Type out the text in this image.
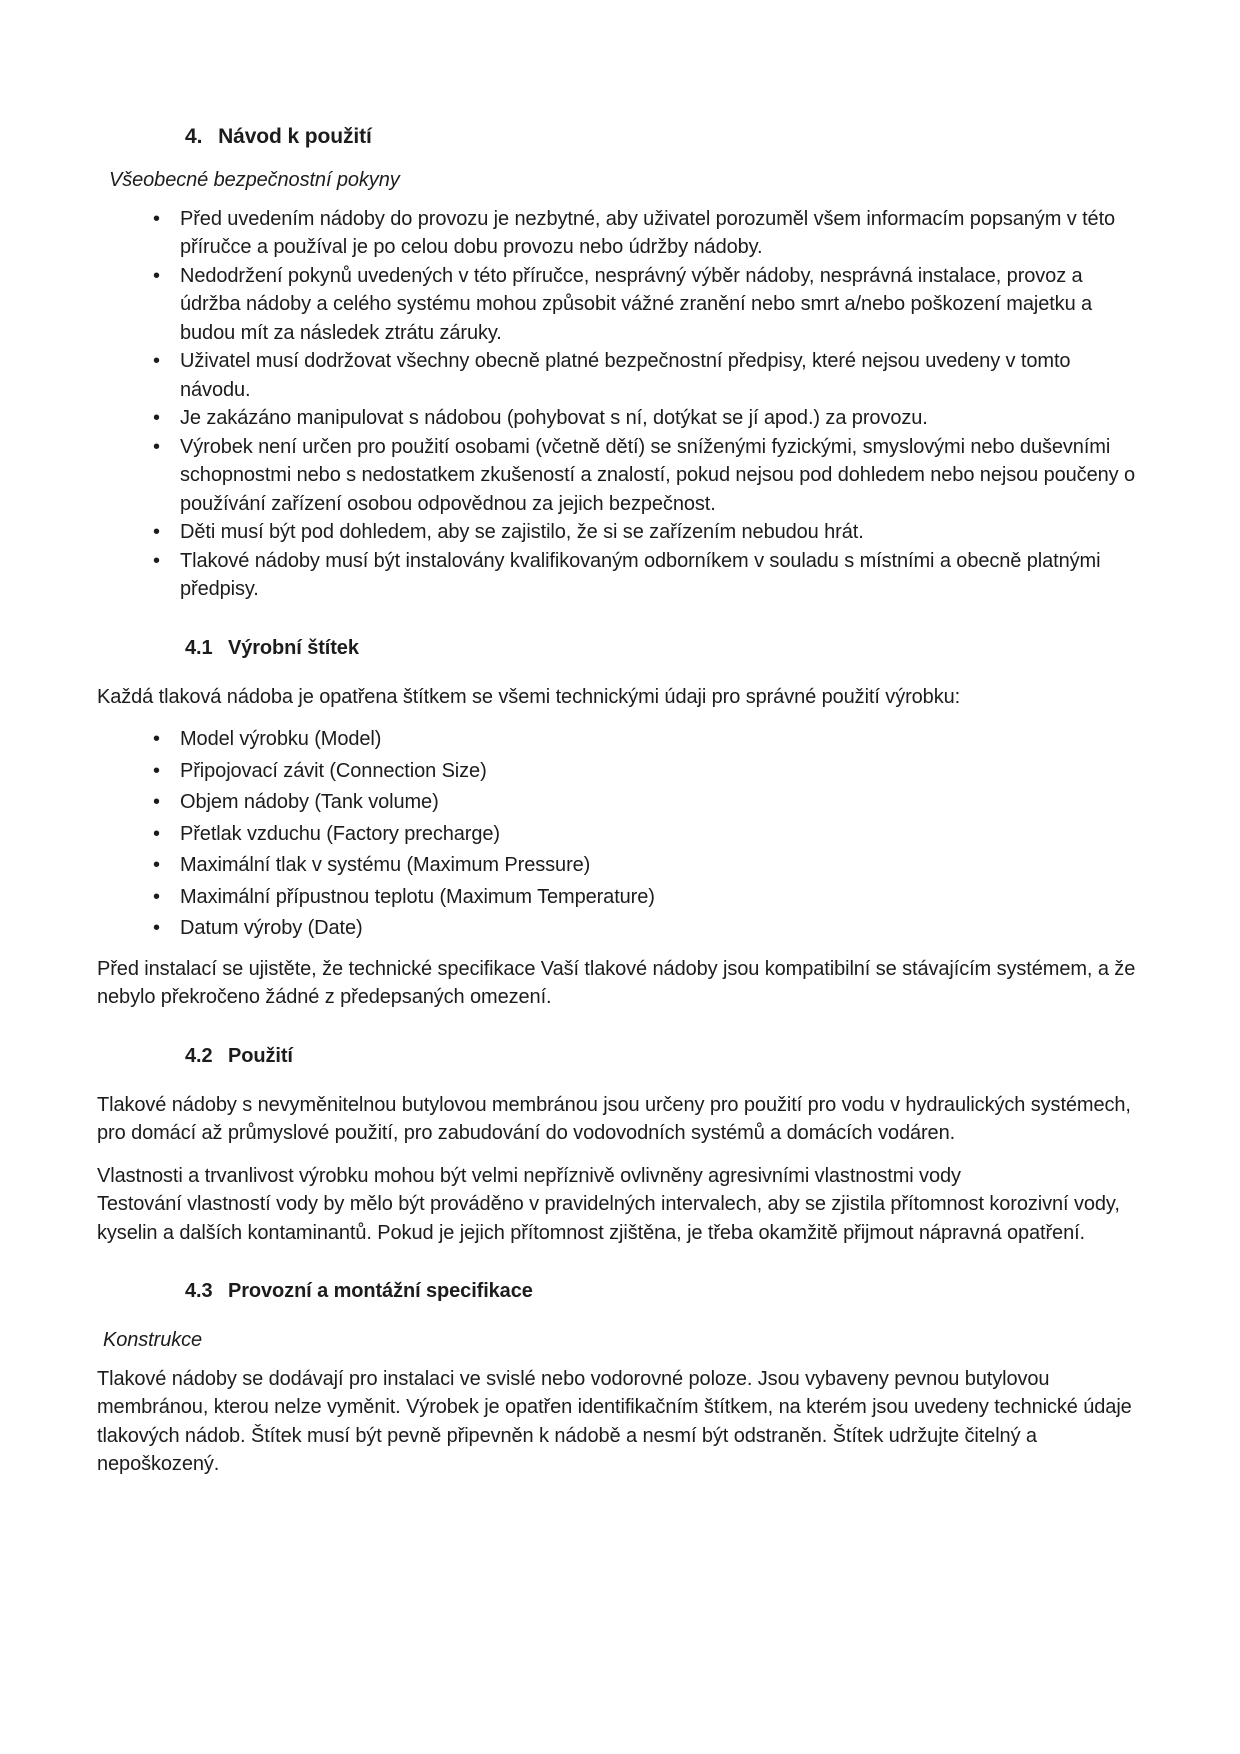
4. Návod k použití

Všeobecné bezpečnostní pokyny

• Před uvedením nádoby do provozu je nezbytné, aby uživatel porozuměl všem informacím popsaným v této příručce a používal je po celou dobu provozu nebo údržby nádoby.
• Nedodržení pokynů uvedených v této příručce, nesprávný výběr nádoby, nesprávná instalace, provoz a údržba nádoby a celého systému mohou způsobit vážné zranění nebo smrt a/nebo poškození majetku a budou mít za následek ztrátu záruky.
• Uživatel musí dodržovat všechny obecně platné bezpečnostní předpisy, které nejsou uvedeny v tomto návodu.
• Je zakázáno manipulovat s nádobou (pohybovat s ní, dotýkat se jí apod.) za provozu.
• Výrobek není určen pro použití osobami (včetně dětí) se sníženými fyzickými, smyslovými nebo duševními schopnostmi nebo s nedostatkem zkušeností a znalostí, pokud nejsou pod dohledem nebo nejsou poučeny o používání zařízení osobou odpovědnou za jejich bezpečnost.
• Děti musí být pod dohledem, aby se zajistilo, že si se zařízením nebudou hrát.
• Tlakové nádoby musí být instalovány kvalifikovaným odborníkem v souladu s místními a obecně platnými předpisy.
4.1 Výrobní štítek

Každá tlaková nádoba je opatřena štítkem se všemi technickými údaji pro správné použití výrobku:

• Model výrobku (Model)
• Připojovací závit (Connection Size)
• Objem nádoby (Tank volume)
• Přetlak vzduchu (Factory precharge)
• Maximální tlak v systému (Maximum Pressure)
• Maximální přípustnou teplotu (Maximum Temperature)
• Datum výroby (Date)

Před instalací se ujistěte, že technické specifikace Vaší tlakové nádoby jsou kompatibilní se stávajícím systémem, a že nebylo překročeno žádné z předepsaných omezení.

4.2 Použití

Tlakové nádoby s nevyměnitelnou butylovou membránou jsou určeny pro použití pro vodu v hydraulických systémech, pro domácí až průmyslové použití, pro zabudování do vodovodních systémů a domácích vodáren.

Vlastnosti a trvanlivost výrobku mohou být velmi nepříznivě ovlivněny agresivními vlastnostmi vody
Testování vlastností vody by mělo být prováděno v pravidelných intervalech, aby se zjistila přítomnost korozivní vody, kyselin a dalších kontaminantů. Pokud je jejich přítomnost zjištěna, je třeba okamžitě přijmout nápravná opatření.

4.3 Provozní a montážní specifikace

Konstrukce

Tlakové nádoby se dodávají pro instalaci ve svislé nebo vodorovné poloze. Jsou vybaveny pevnou butylovou membránou, kterou nelze vyměnit. Výrobek je opatřen identifikačním štítkem, na kterém jsou uvedeny technické údaje tlakových nádob. Štítek musí být pevně připevněn k nádobě a nesmí být odstraněn. Štítek udržujte čitelný a nepoškozený.
